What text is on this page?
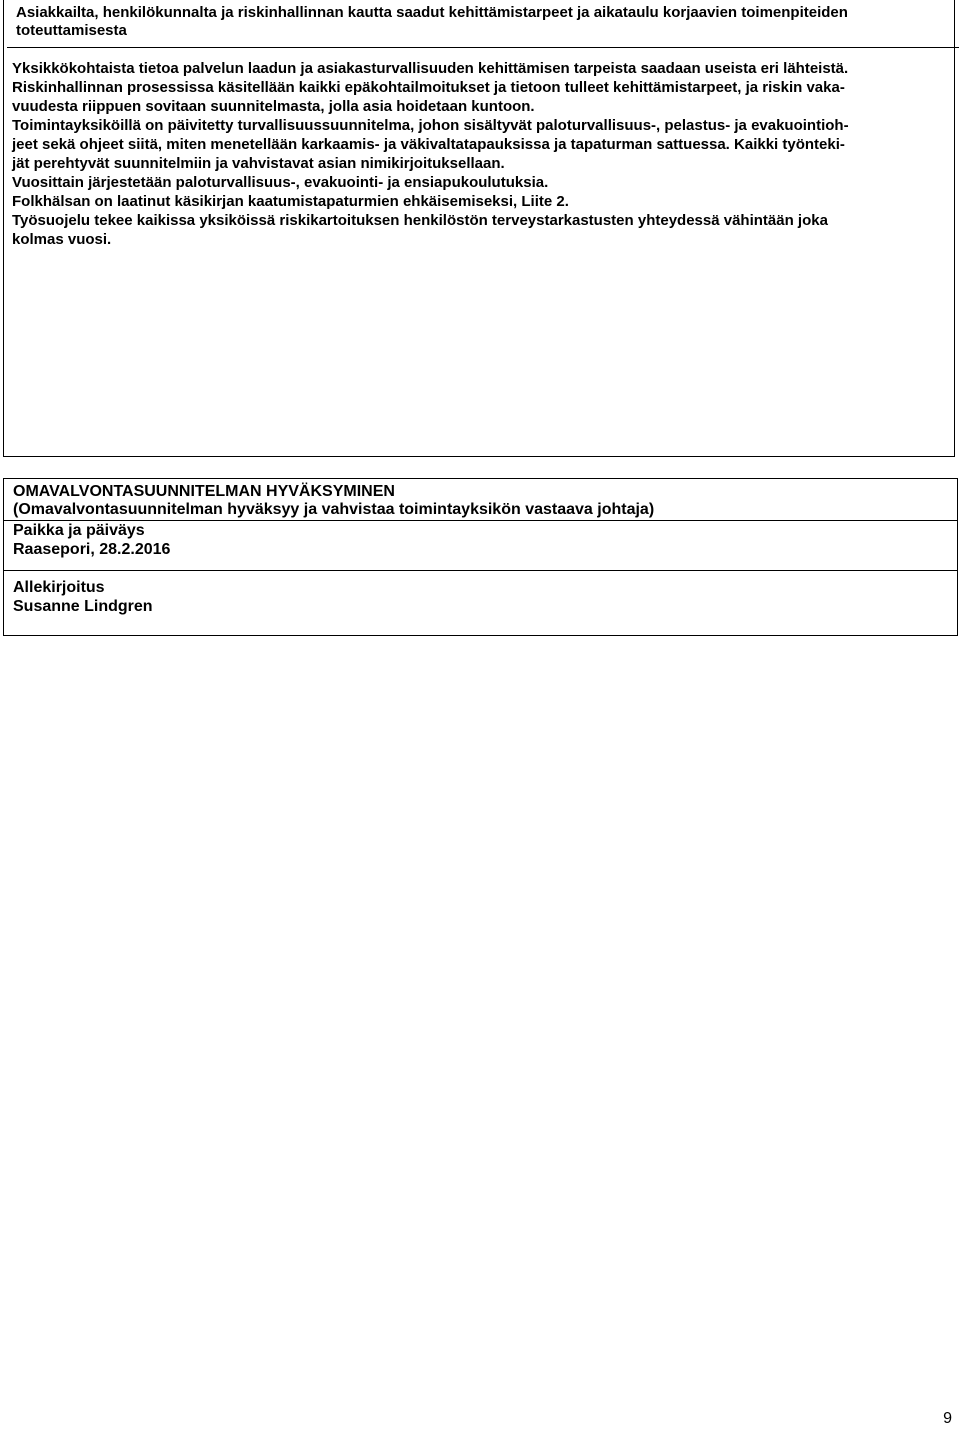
Asiakkailta, henkilökunnalta ja riskinhallinnan kautta saadut kehittämistarpeet ja aikataulu korjaavien toimenpiteiden
toteuttamisesta

Yksikkökohtaista tietoa palvelun laadun ja asiakasturvallisuuden kehittämisen tarpeista saadaan useista eri lähteistä.

Riskinhallinnan prosessissa käsitellään kaikki epäkohtailmoitukset ja tietoon tulleet kehittämistarpeet, ja riskin vaka-

vuudesta riippuen sovitaan suunnitelmasta, jolla asia hoidetaan kuntoon.

Toimintayksiköillä on päivitetty turvallisuussuunnitelma, johon sisältyvät paloturvallisuus-, pelastus- ja evakuointioh-

jeet sekä ohjeet siitä, miten menetellään karkaamis- ja väkivaltatapauksissa ja tapaturman sattuessa. Kaikki työnteki-

jät perehtyvät suunnitelmiin ja vahvistavat asian nimikirjoituksellaan.

Vuosittain järjestetään paloturvallisuus-, evakuointi- ja ensiapukoulutuksia.

Folkhälsan on laatinut käsikirjan kaatumistapaturmien ehkäisemiseksi, Liite 2.

Työsuojelu tekee kaikissa yksiköissä riskikartoituksen henkilöstön terveystarkastusten yhteydessä vähintään joka

kolmas vuosi.

OMAVALVONTASUUNNITELMAN HYVÄKSYMINEN
(Omavalvontasuunnitelman hyväksyy ja vahvistaa toimintayksikön vastaava johtaja)
Paikka ja päiväys
Raasepori, 28.2.2016
Allekirjoitus
Susanne Lindgren
9
